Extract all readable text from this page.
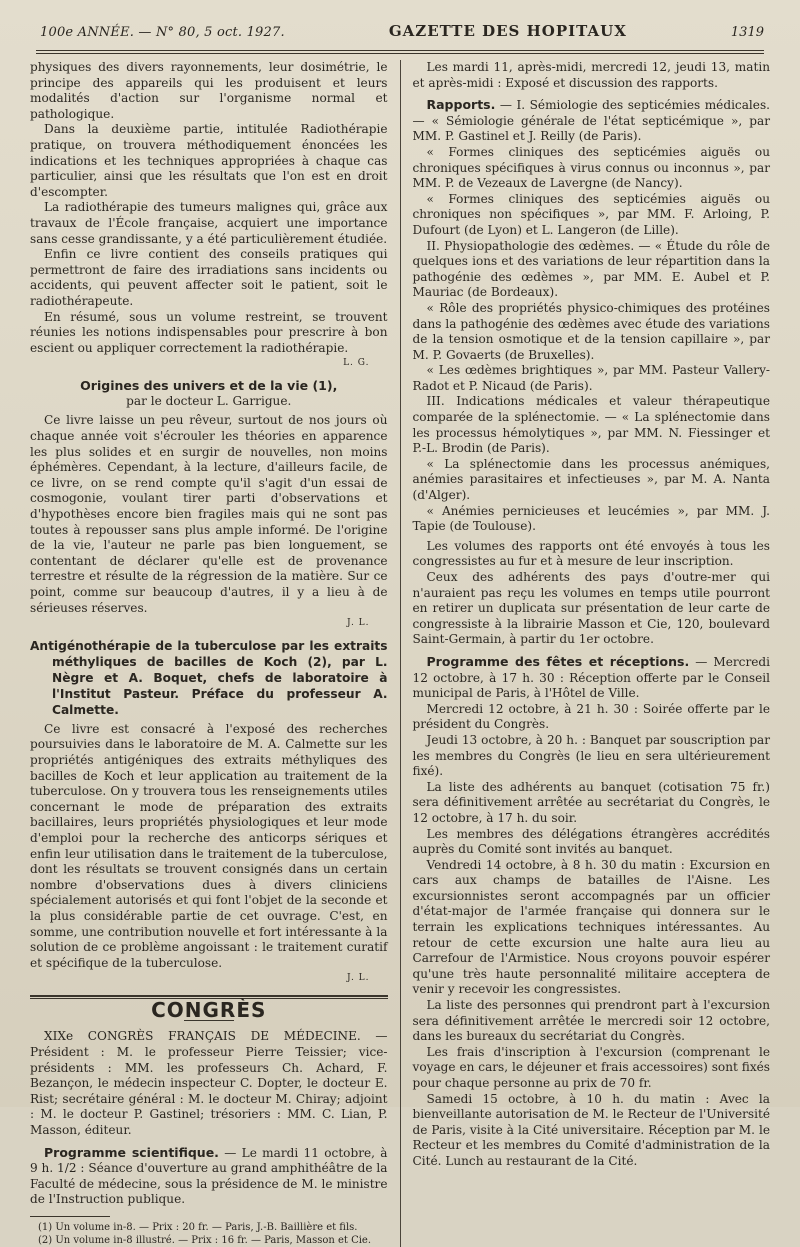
100e ANNÉE. — N° 80, 5 oct. 1927.	GAZETTE DES HOPITAUX	1319

physiques des divers rayonnements, leur dosimétrie, le principe des appareils qui les produisent et leurs modalités d'action sur l'organisme normal et pathologique.

Dans la deuxième partie, intitulée Radiothérapie pratique, on trouvera méthodiquement énoncées les indications et les techniques appropriées à chaque cas particulier, ainsi que les résultats que l'on est en droit d'escompter.

La radiothérapie des tumeurs malignes qui, grâce aux travaux de l'École française, acquiert une importance sans cesse grandissante, y a été particulièrement étudiée.

Enfin ce livre contient des conseils pratiques qui permettront de faire des irradiations sans incidents ou accidents, qui peuvent affecter soit le patient, soit le radiothérapeute.

En résumé, sous un volume restreint, se trouvent réunies les notions indispensables pour prescrire à bon escient ou appliquer correctement la radiothérapie.

L. G.
Origines des univers et de la vie (1),
par le docteur L. Garrigue.

Ce livre laisse un peu rêveur, surtout de nos jours où chaque année voit s'écrouler les théories en apparence les plus solides et en surgir de nouvelles, non moins éphémères. Cependant, à la lecture, d'ailleurs facile, de ce livre, on se rend compte qu'il s'agit d'un essai de cosmogonie, voulant tirer parti d'observations et d'hypothèses encore bien fragiles mais qui ne sont pas toutes à repousser sans plus ample informé. De l'origine de la vie, l'auteur ne parle pas bien longuement, se contentant de déclarer qu'elle est de provenance terrestre et résulte de la régression de la matière. Sur ce point, comme sur beaucoup d'autres, il y a lieu à de sérieuses réserves.

J. L.

Antigénothérapie de la tuberculose par les extraits méthyliques de bacilles de Koch (2), par L. Nègre et A. Boquet, chefs de laboratoire à l'Institut Pasteur. Préface du professeur A. Calmette.

Ce livre est consacré à l'exposé des recherches poursuivies dans le laboratoire de M. A. Calmette sur les propriétés antigéniques des extraits méthyliques des bacilles de Koch et leur application au traitement de la tuberculose. On y trouvera tous les renseignements utiles concernant le mode de préparation des extraits bacillaires, leurs propriétés physiologiques et leur mode d'emploi pour la recherche des anticorps sériques et enfin leur utilisation dans le traitement de la tuberculose, dont les résultats se trouvent consignés dans un certain nombre d'observations dues à divers cliniciens spécialement autorisés et qui font l'objet de la seconde et la plus considérable partie de cet ouvrage. C'est, en somme, une contribution nouvelle et fort intéressante à la solution de ce problème angoissant : le traitement curatif et spécifique de la tuberculose.

J. L.
CONGRÈS

XIXe CONGRÈS FRANÇAIS DE MÉDECINE. — Président : M. le professeur Pierre Teissier; vice-présidents : MM. les professeurs Ch. Achard, F. Bezançon, le médecin inspecteur C. Dopter, le docteur E. Rist; secrétaire général : M. le docteur M. Chiray; adjoint : M. le docteur P. Gastinel; trésoriers : MM. C. Lian, P. Masson, éditeur.

Programme scientifique. — Le mardi 11 octobre, à 9 h. 1/2 : Séance d'ouverture au grand amphithéâtre de la Faculté de médecine, sous la présidence de M. le ministre de l'Instruction publique.

(1) Un volume in-8. — Prix : 20 fr. — Paris, J.-B. Baillière et fils.

(2) Un volume in-8 illustré. — Prix : 16 fr. — Paris, Masson et Cie.

Les mardi 11, après-midi, mercredi 12, jeudi 13, matin et après-midi : Exposé et discussion des rapports.

Rapports. — I. Sémiologie des septicémies médicales. — « Sémiologie générale de l'état septicémique », par MM. P. Gastinel et J. Reilly (de Paris).

« Formes cliniques des septicémies aiguës ou chroniques spécifiques à virus connus ou inconnus », par MM. P. de Vezeaux de Lavergne (de Nancy).

« Formes cliniques des septicémies aiguës ou chroniques non spécifiques », par MM. F. Arloing, P. Dufourt (de Lyon) et L. Langeron (de Lille).

II. Physiopathologie des œdèmes. — « Étude du rôle de quelques ions et des variations de leur répartition dans la pathogénie des œdèmes », par MM. E. Aubel et P. Mauriac (de Bordeaux).

« Rôle des propriétés physico-chimiques des protéines dans la pathogénie des œdèmes avec étude des variations de la tension osmotique et de la tension capillaire », par M. P. Govaerts (de Bruxelles).

« Les œdèmes brightiques », par MM. Pasteur Vallery-Radot et P. Nicaud (de Paris).

III. Indications médicales et valeur thérapeutique comparée de la splénectomie. — « La splénectomie dans les processus hémolytiques », par MM. N. Fiessinger et P.-L. Brodin (de Paris).

« La splénectomie dans les processus anémiques, anémies parasitaires et infectieuses », par M. A. Nanta (d'Alger).

« Anémies pernicieuses et leucémies », par MM. J. Tapie (de Toulouse).

Les volumes des rapports ont été envoyés à tous les congressistes au fur et à mesure de leur inscription.

Ceux des adhérents des pays d'outre-mer qui n'auraient pas reçu les volumes en temps utile pourront en retirer un duplicata sur présentation de leur carte de congressiste à la librairie Masson et Cie, 120, boulevard Saint-Germain, à partir du 1er octobre.

Programme des fêtes et réceptions. — Mercredi 12 octobre, à 17 h. 30 : Réception offerte par le Conseil municipal de Paris, à l'Hôtel de Ville.

Mercredi 12 octobre, à 21 h. 30 : Soirée offerte par le président du Congrès.

Jeudi 13 octobre, à 20 h. : Banquet par souscription par les membres du Congrès (le lieu en sera ultérieurement fixé).

La liste des adhérents au banquet (cotisation 75 fr.) sera définitivement arrêtée au secrétariat du Congrès, le 12 octobre, à 17 h. du soir.

Les membres des délégations étrangères accrédités auprès du Comité sont invités au banquet.

Vendredi 14 octobre, à 8 h. 30 du matin : Excursion en cars aux champs de batailles de l'Aisne. Les excursionnistes seront accompagnés par un officier d'état-major de l'armée française qui donnera sur le terrain les explications techniques intéressantes. Au retour de cette excursion une halte aura lieu au Carrefour de l'Armistice. Nous croyons pouvoir espérer qu'une très haute personnalité militaire acceptera de venir y recevoir les congressistes.

La liste des personnes qui prendront part à l'excursion sera définitivement arrêtée le mercredi soir 12 octobre, dans les bureaux du secrétariat du Congrès.

Les frais d'inscription à l'excursion (comprenant le voyage en cars, le déjeuner et frais accessoires) sont fixés pour chaque personne au prix de 70 fr.

Samedi 15 octobre, à 10 h. du matin : Avec la bienveillante autorisation de M. le Recteur de l'Université de Paris, visite à la Cité universitaire. Réception par M. le Recteur et les membres du Comité d'administration de la Cité. Lunch au restaurant de la Cité.
